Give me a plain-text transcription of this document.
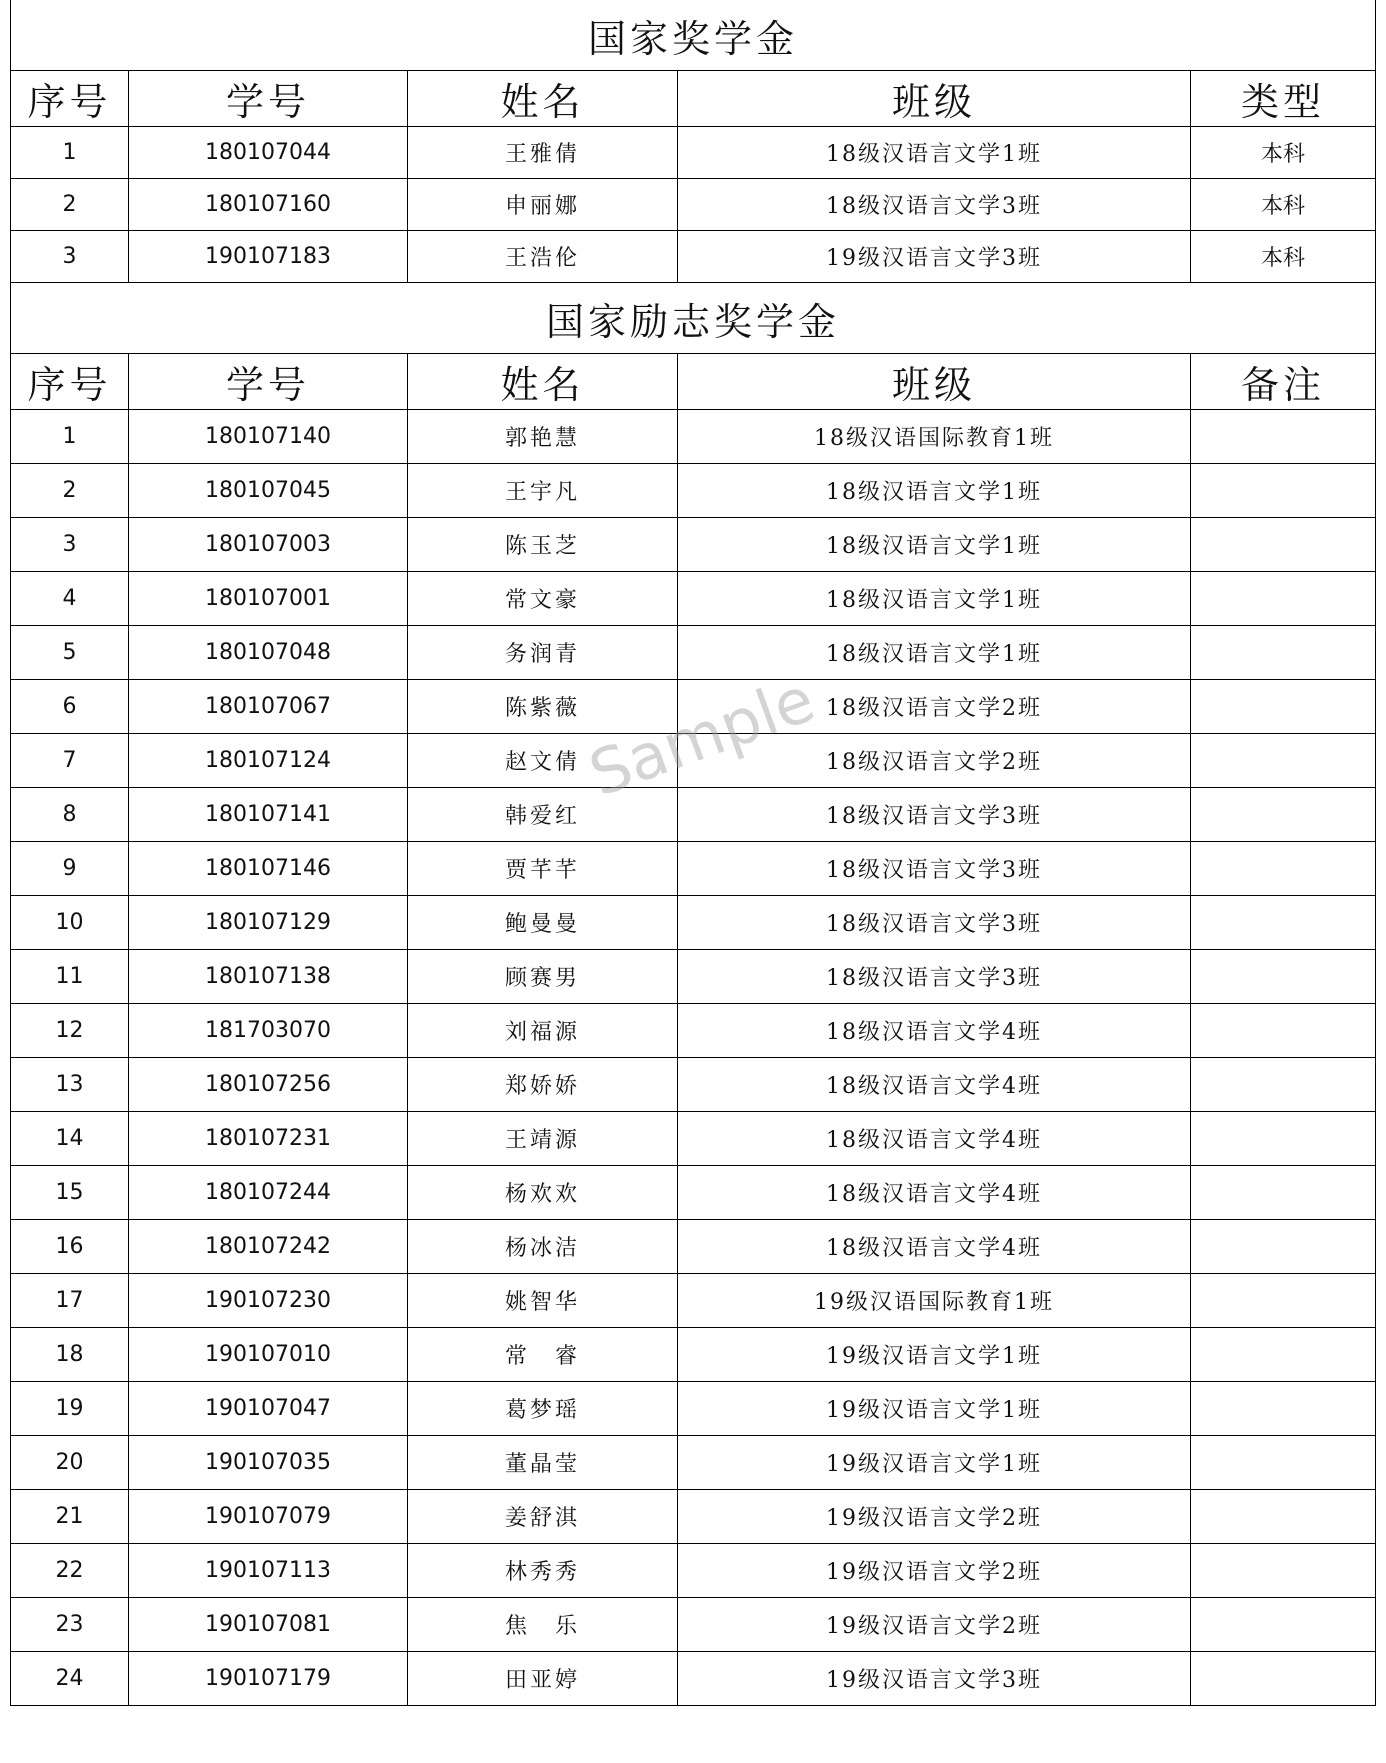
国家奖学金				
序号	学号	姓名	班级	类型
1	180107044	王雅倩	18级汉语言文学1班	本科
2	180107160	申丽娜	18级汉语言文学3班	本科
3	190107183	王浩伦	19级汉语言文学3班	本科
国家励志奖学金				
序号	学号	姓名	班级	备注
1	180107140	郭艳慧	18级汉语国际教育1班	
2	180107045	王宇凡	18级汉语言文学1班	
3	180107003	陈玉芝	18级汉语言文学1班	
4	180107001	常文豪	18级汉语言文学1班	
5	180107048	务润青	18级汉语言文学1班	
6	180107067	陈紫薇	18级汉语言文学2班	
7	180107124	赵文倩	18级汉语言文学2班	
8	180107141	韩爱红	18级汉语言文学3班	
9	180107146	贾芊芊	18级汉语言文学3班	
10	180107129	鲍曼曼	18级汉语言文学3班	
11	180107138	顾赛男	18级汉语言文学3班	
12	181703070	刘福源	18级汉语言文学4班	
13	180107256	郑娇娇	18级汉语言文学4班	
14	180107231	王靖源	18级汉语言文学4班	
15	180107244	杨欢欢	18级汉语言文学4班	
16	180107242	杨冰洁	18级汉语言文学4班	
17	190107230	姚智华	19级汉语国际教育1班	
18	190107010	常　睿	19级汉语言文学1班	
19	190107047	葛梦瑶	19级汉语言文学1班	
20	190107035	董晶莹	19级汉语言文学1班	
21	190107079	姜舒淇	19级汉语言文学2班	
22	190107113	林秀秀	19级汉语言文学2班	
23	190107081	焦　乐	19级汉语言文学2班	
24	190107179	田亚婷	19级汉语言文学3班	
Sample
